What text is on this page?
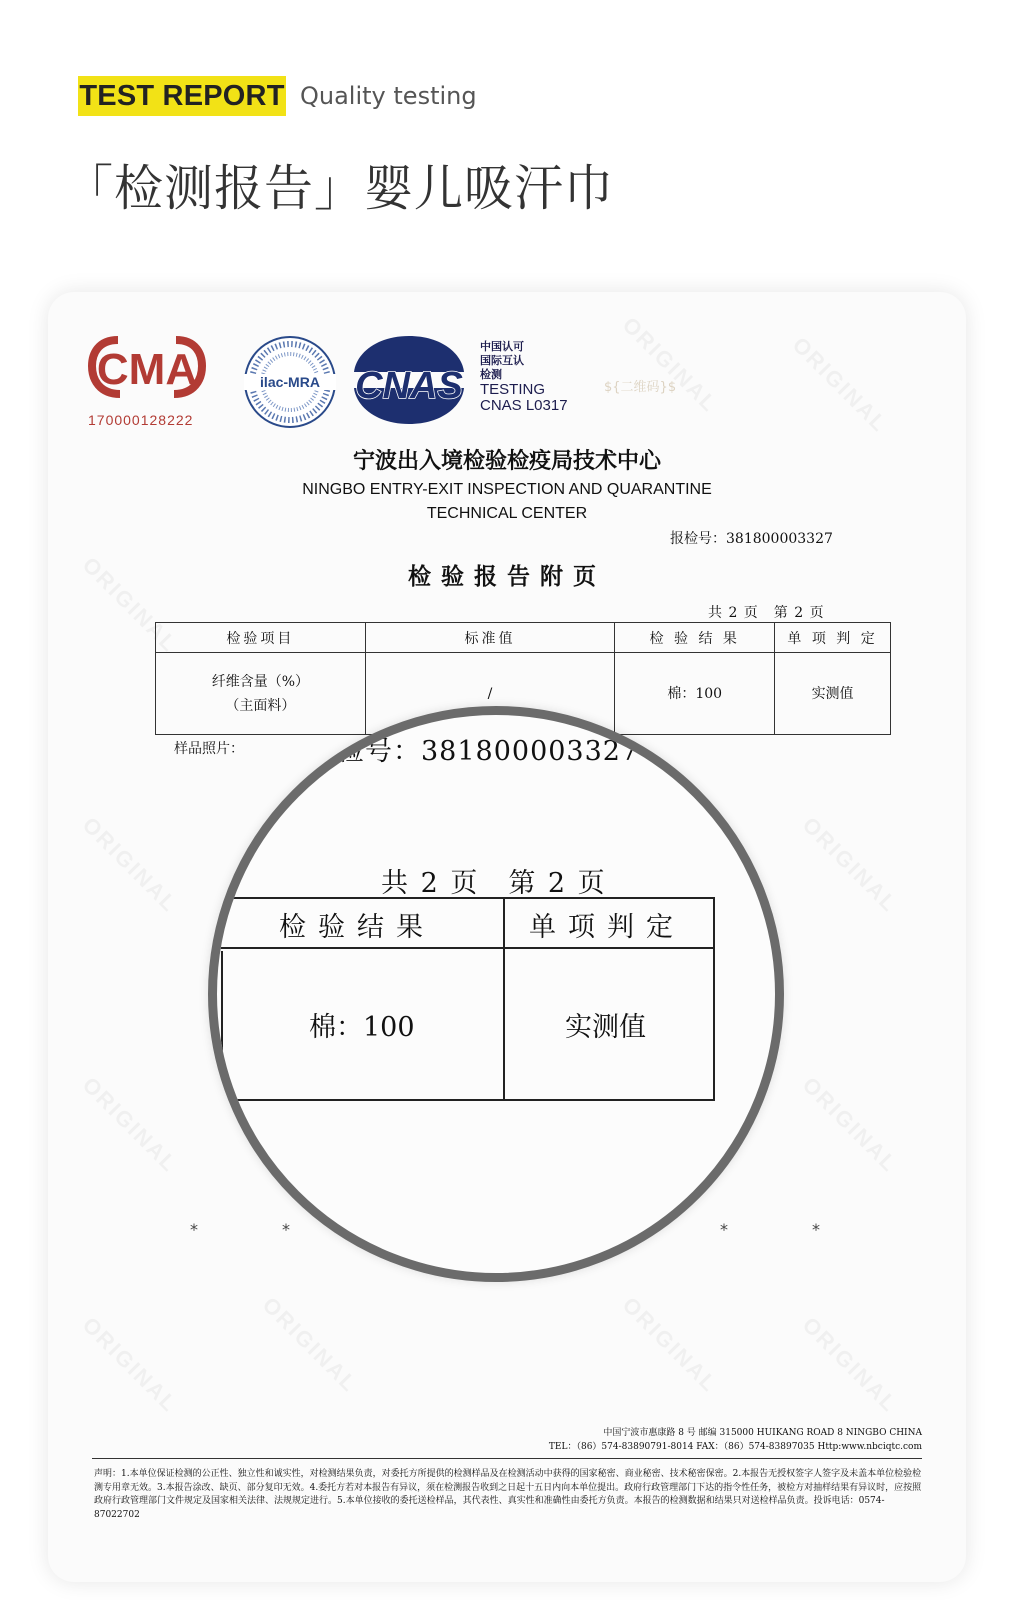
TEST REPORT Quality testing
「检测报告」婴儿吸汗巾
CMA
170000128222
ilac-MRA CNAS
中国认可
国际互认
检测
TESTING
CNAS L0317
${二维码}$
宁波出入境检验检疫局技术中心
NINGBO ENTRY-EXIT INSPECTION AND QUARANTINE
TECHNICAL CENTER
报检号：381800003327
检验报告附页
共 2 页　第 2 页
检验项目	标准值	检 验 结 果	单 项 判 定

纤维含量（%）
（主面料）	/	棉：100	实测值
样品照片：
*	*	*	*
中国宁波市惠康路 8 号 邮编 315000 HUIKANG ROAD 8 NINGBO CHINA
TEL：（86）574-83890791-8014 FAX：（86）574-83897035 Http:www.nbciqtc.com
声明：1.本单位保证检测的公正性、独立性和诚实性，对检测结果负责，对委托方所提供的检测样品及在检测活动中获得的国家秘密、商业秘密、技术秘密保密。2.本报告无授权签字人签字及未盖本单位检验检测专用章无效。3.本报告涂改、缺页、部分复印无效。4.委托方若对本报告有异议，须在检测报告收到之日起十五日内向本单位提出。政府行政管理部门下达的指令性任务，被检方对抽样结果有异议时，应按照政府行政管理部门文件规定及国家相关法律、法规规定进行。5.本单位接收的委托送检样品，其代表性、真实性和准确性由委托方负责。本报告的检测数据和结果只对送检样品负责。投诉电话：0574-87022702
检号：381800003327
共 2 页　第 2 页
检验结果	单项判定
棉：100	实测值
